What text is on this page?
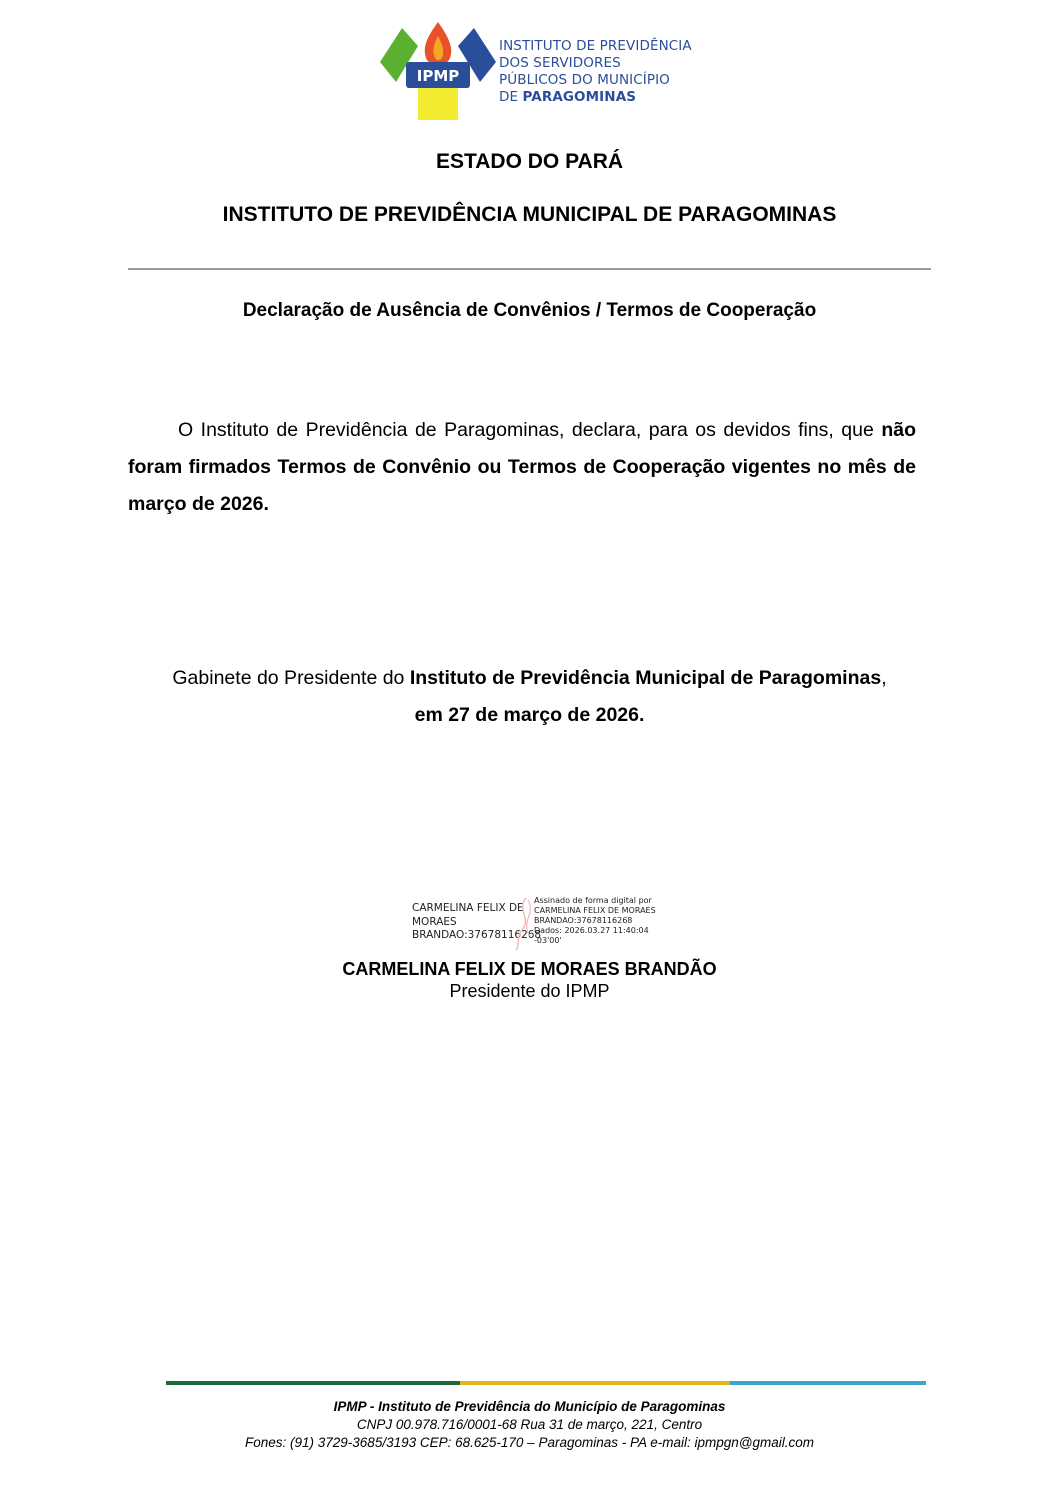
IPMP
INSTITUTO DE PREVIDÊNCIA
DOS SERVIDORES
PÚBLICOS DO MUNICÍPIO
DE PARAGOMINAS
ESTADO DO PARÁ
INSTITUTO DE PREVIDÊNCIA MUNICIPAL DE PARAGOMINAS
Declaração de Ausência de Convênios / Termos de Cooperação
O Instituto de Previdência de Paragominas, declara, para os devidos fins, que não foram firmados Termos de Convênio ou Termos de Cooperação vigentes no mês de março de 2026.
Gabinete do Presidente do Instituto de Previdência Municipal de Paragominas,
em 27 de março de 2026.
CARMELINA FELIX DE
MORAES
BRANDAO:37678116268
Assinado de forma digital por
CARMELINA FELIX DE MORAES
BRANDAO:37678116268
Dados: 2026.03.27 11:40:04
-03'00'
CARMELINA FELIX DE MORAES BRANDÃO
Presidente do IPMP
IPMP - Instituto de Previdência do Município de Paragominas
CNPJ 00.978.716/0001-68 Rua 31 de março, 221, Centro
Fones: (91) 3729-3685/3193 CEP: 68.625-170 – Paragominas - PA e-mail: ipmpgn@gmail.com
